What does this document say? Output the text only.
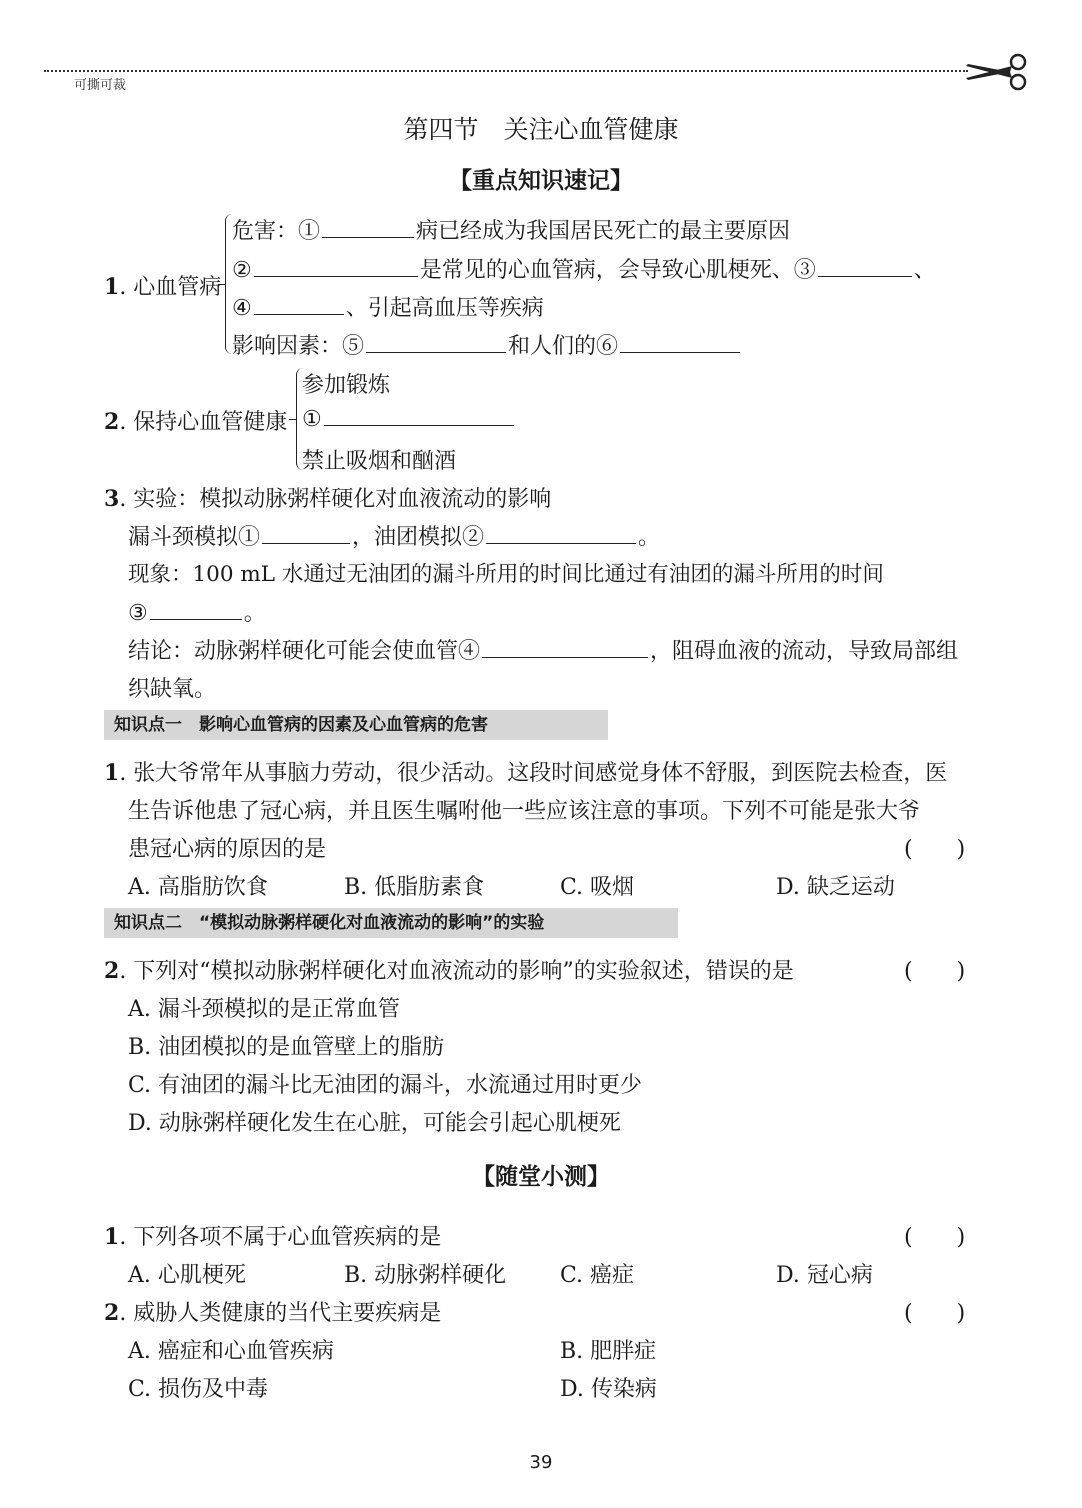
可撕可裁
第四节　关注心血管健康
【重点知识速记】
1. 心血管病
危害：①	病已经成为我国居民死亡的最主要原因
②	是常见的心血管病，会导致心肌梗死、③	、
④	、引起高血压等疾病
影响因素：⑤	和人们的⑥
2. 保持心血管健康
参加锻炼
①
禁止吸烟和酗酒
3. 实验：模拟动脉粥样硬化对血液流动的影响
漏斗颈模拟①	，油团模拟②	。
现象：100 mL 水通过无油团的漏斗所用的时间比通过有油团的漏斗所用的时间
③	。
结论：动脉粥样硬化可能会使血管④	，阻碍血液的流动，导致局部组
织缺氧。
知识点一　影响心血管病的因素及心血管病的危害
1. 张大爷常年从事脑力劳动，很少活动。这段时间感觉身体不舒服，到医院去检查，医
生告诉他患了冠心病，并且医生嘱咐他一些应该注意的事项。下列不可能是张大爷
患冠心病的原因的是	(　　)
A. 高脂肪饮食	B. 低脂肪素食	C. 吸烟	D. 缺乏运动
知识点二　“模拟动脉粥样硬化对血液流动的影响”的实验
2. 下列对“模拟动脉粥样硬化对血液流动的影响”的实验叙述，错误的是	(　　)
A. 漏斗颈模拟的是正常血管
B. 油团模拟的是血管壁上的脂肪
C. 有油团的漏斗比无油团的漏斗，水流通过用时更少
D. 动脉粥样硬化发生在心脏，可能会引起心肌梗死
【随堂小测】
1. 下列各项不属于心血管疾病的是	(　　)
A. 心肌梗死	B. 动脉粥样硬化 C. 癌症	D. 冠心病
2. 威胁人类健康的当代主要疾病是	(　　)
A. 癌症和心血管疾病	B. 肥胖症
C. 损伤及中毒	D. 传染病
39
